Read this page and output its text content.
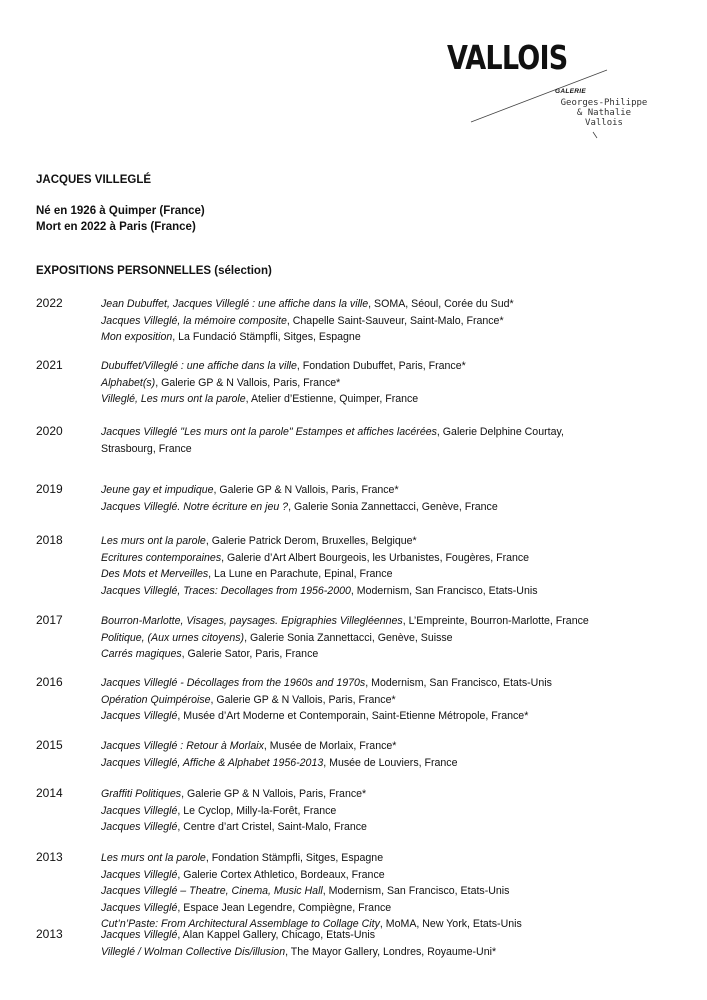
VALLOIS
GALERIE
Georges-Philippe
& Nathalie
Vallois
JACQUES VILLEGLÉ
Né en 1926 à Quimper (France)
Mort en 2022 à Paris (France)
EXPOSITIONS PERSONNELLES (sélection)
2022	Jean Dubuffet, Jacques Villeglé : une affiche dans la ville, SOMA, Séoul, Corée du Sud*
Jacques Villeglé, la mémoire composite, Chapelle Saint-Sauveur, Saint-Malo, France*
Mon exposition, La Fundació Stämpfli, Sitges, Espagne
2021	Dubuffet/Villeglé : une affiche dans la ville, Fondation Dubuffet, Paris, France*
Alphabet(s), Galerie GP & N Vallois, Paris, France*
Villeglé, Les murs ont la parole, Atelier d’Estienne, Quimper, France
2020	Jacques Villeglé "Les murs ont la parole" Estampes et affiches lacérées, Galerie Delphine Courtay,
Strasbourg, France
2019	Jeune gay et impudique, Galerie GP & N Vallois, Paris, France*
Jacques Villeglé. Notre écriture en jeu ?, Galerie Sonia Zannettacci, Genève, France
2018	Les murs ont la parole, Galerie Patrick Derom, Bruxelles, Belgique*
Ecritures contemporaines, Galerie d’Art Albert Bourgeois, les Urbanistes, Fougères, France
Des Mots et Merveilles, La Lune en Parachute, Epinal, France
Jacques Villeglé, Traces: Decollages from 1956-2000, Modernism, San Francisco, Etats-Unis
2017	Bourron-Marlotte, Visages, paysages. Epigraphies Villegléennes, L’Empreinte, Bourron-Marlotte, France
Politique, (Aux urnes citoyens), Galerie Sonia Zannettacci, Genève, Suisse
Carrés magiques, Galerie Sator, Paris, France
2016	Jacques Villeglé - Décollages from the 1960s and 1970s, Modernism, San Francisco, Etats-Unis
Opération Quimpéroise, Galerie GP & N Vallois, Paris, France*
Jacques Villeglé, Musée d’Art Moderne et Contemporain, Saint-Etienne Métropole, France*
2015	Jacques Villeglé : Retour à Morlaix, Musée de Morlaix, France*
Jacques Villeglé, Affiche & Alphabet 1956-2013, Musée de Louviers, France
2014	Graffiti Politiques, Galerie GP & N Vallois, Paris, France*
Jacques Villeglé, Le Cyclop, Milly-la-Forêt, France
Jacques Villeglé, Centre d’art Cristel, Saint-Malo, France
2013	Les murs ont la parole, Fondation Stämpfli, Sitges, Espagne
Jacques Villeglé, Galerie Cortex Athletico, Bordeaux, France
Jacques Villeglé – Theatre, Cinema, Music Hall, Modernism, San Francisco, Etats-Unis
Jacques Villeglé, Espace Jean Legendre, Compiègne, France
Cut’n’Paste: From Architectural Assemblage to Collage City, MoMA, New York, Etats-Unis
2013	Jacques Villeglé, Alan Kappel Gallery, Chicago, Etats-Unis
Villeglé / Wolman Collective Dis/illusion, The Mayor Gallery, Londres, Royaume-Uni*
